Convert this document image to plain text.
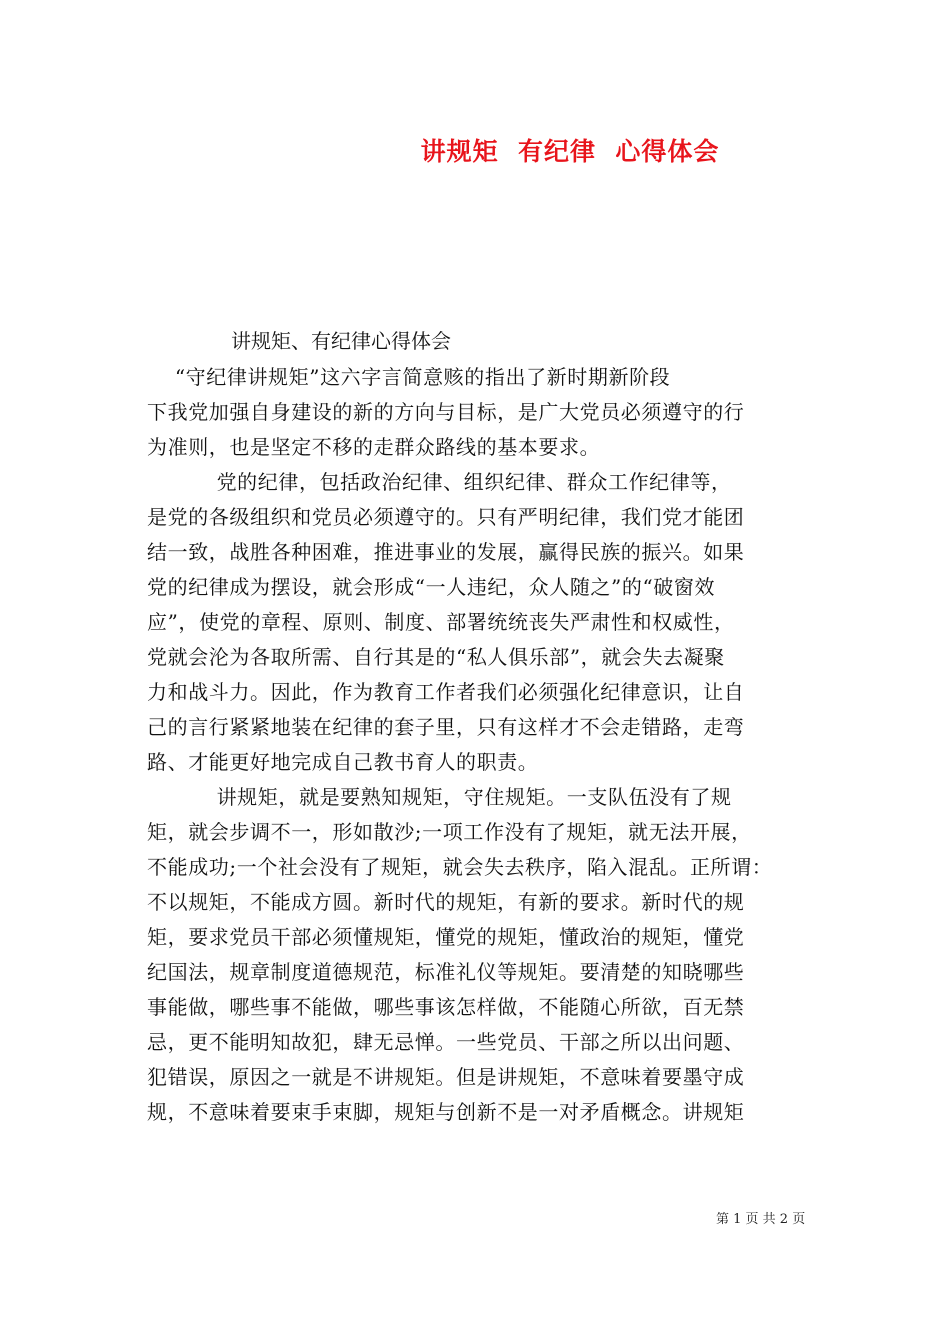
讲规矩  有纪律  心得体会
讲规矩、有纪律心得体会

“守纪律讲规矩”这六字言简意赅的指出了新时期新阶段
下我党加强自身建设的新的方向与目标，是广大党员必须遵守的行
为准则，也是坚定不移的走群众路线的基本要求。

党的纪律，包括政治纪律、组织纪律、群众工作纪律等，
是党的各级组织和党员必须遵守的。只有严明纪律，我们党才能团
结一致，战胜各种困难，推进事业的发展，赢得民族的振兴。如果
党的纪律成为摆设，就会形成“一人违纪，众人随之”的“破窗效
应”，使党的章程、原则、制度、部署统统丧失严肃性和权威性，
党就会沦为各取所需、自行其是的“私人俱乐部”，就会失去凝聚
力和战斗力。因此，作为教育工作者我们必须强化纪律意识，让自
己的言行紧紧地装在纪律的套子里，只有这样才不会走错路，走弯
路、才能更好地完成自己教书育人的职责。

讲规矩，就是要熟知规矩，守住规矩。一支队伍没有了规
矩，就会步调不一，形如散沙;一项工作没有了规矩，就无法开展，
不能成功;一个社会没有了规矩，就会失去秩序，陷入混乱。正所谓：
不以规矩，不能成方圆。新时代的规矩，有新的要求。新时代的规
矩，要求党员干部必须懂规矩，懂党的规矩，懂政治的规矩，懂党
纪国法，规章制度道德规范，标准礼仪等规矩。要清楚的知晓哪些
事能做，哪些事不能做，哪些事该怎样做，不能随心所欲，百无禁
忌，更不能明知故犯，肆无忌惮。一些党员、干部之所以出问题、
犯错误，原因之一就是不讲规矩。但是讲规矩，不意味着要墨守成
规，不意味着要束手束脚，规矩与创新不是一对矛盾概念。讲规矩

第 1 页 共 2 页
